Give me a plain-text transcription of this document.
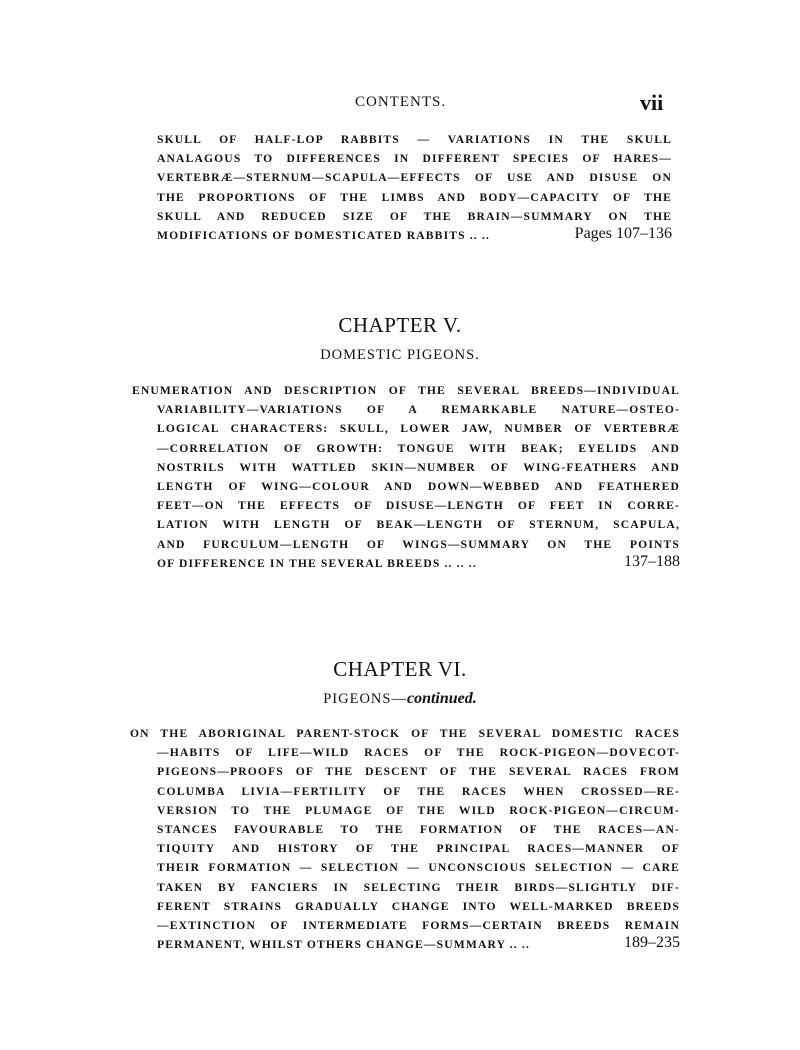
CONTENTS.	vii
SKULL OF HALF-LOP RABBITS — VARIATIONS IN THE SKULL
ANALAGOUS TO DIFFERENCES IN DIFFERENT SPECIES OF HARES—
VERTEBRÆ—STERNUM—SCAPULA—EFFECTS OF USE AND DISUSE ON
THE PROPORTIONS OF THE LIMBS AND BODY—CAPACITY OF THE
SKULL AND REDUCED SIZE OF THE BRAIN—SUMMARY ON THE
MODIFICATIONS OF DOMESTICATED RABBITS .. ..	Pages 107–136
CHAPTER V.
DOMESTIC PIGEONS.
ENUMERATION AND DESCRIPTION OF THE SEVERAL BREEDS—INDIVIDUAL
VARIABILITY—VARIATIONS OF A REMARKABLE NATURE—OSTEO-
LOGICAL CHARACTERS: SKULL, LOWER JAW, NUMBER OF VERTEBRÆ
—CORRELATION OF GROWTH: TONGUE WITH BEAK; EYELIDS AND
NOSTRILS WITH WATTLED SKIN—NUMBER OF WING-FEATHERS AND
LENGTH OF WING—COLOUR AND DOWN—WEBBED AND FEATHERED
FEET—ON THE EFFECTS OF DISUSE—LENGTH OF FEET IN CORRE-
LATION WITH LENGTH OF BEAK—LENGTH OF STERNUM, SCAPULA,
AND FURCULUM—LENGTH OF WINGS—SUMMARY ON THE POINTS
OF DIFFERENCE IN THE SEVERAL BREEDS .. .. ..	137–188
CHAPTER VI.
PIGEONS—continued.
ON THE ABORIGINAL PARENT-STOCK OF THE SEVERAL DOMESTIC RACES
—HABITS OF LIFE—WILD RACES OF THE ROCK-PIGEON—DOVECOT-
PIGEONS—PROOFS OF THE DESCENT OF THE SEVERAL RACES FROM
COLUMBA LIVIA—FERTILITY OF THE RACES WHEN CROSSED—RE-
VERSION TO THE PLUMAGE OF THE WILD ROCK-PIGEON—CIRCUM-
STANCES FAVOURABLE TO THE FORMATION OF THE RACES—AN-
TIQUITY AND HISTORY OF THE PRINCIPAL RACES—MANNER OF
THEIR FORMATION — SELECTION — UNCONSCIOUS SELECTION — CARE
TAKEN BY FANCIERS IN SELECTING THEIR BIRDS—SLIGHTLY DIF-
FERENT STRAINS GRADUALLY CHANGE INTO WELL-MARKED BREEDS
—EXTINCTION OF INTERMEDIATE FORMS—CERTAIN BREEDS REMAIN
PERMANENT, WHILST OTHERS CHANGE—SUMMARY .. ..	189–235
